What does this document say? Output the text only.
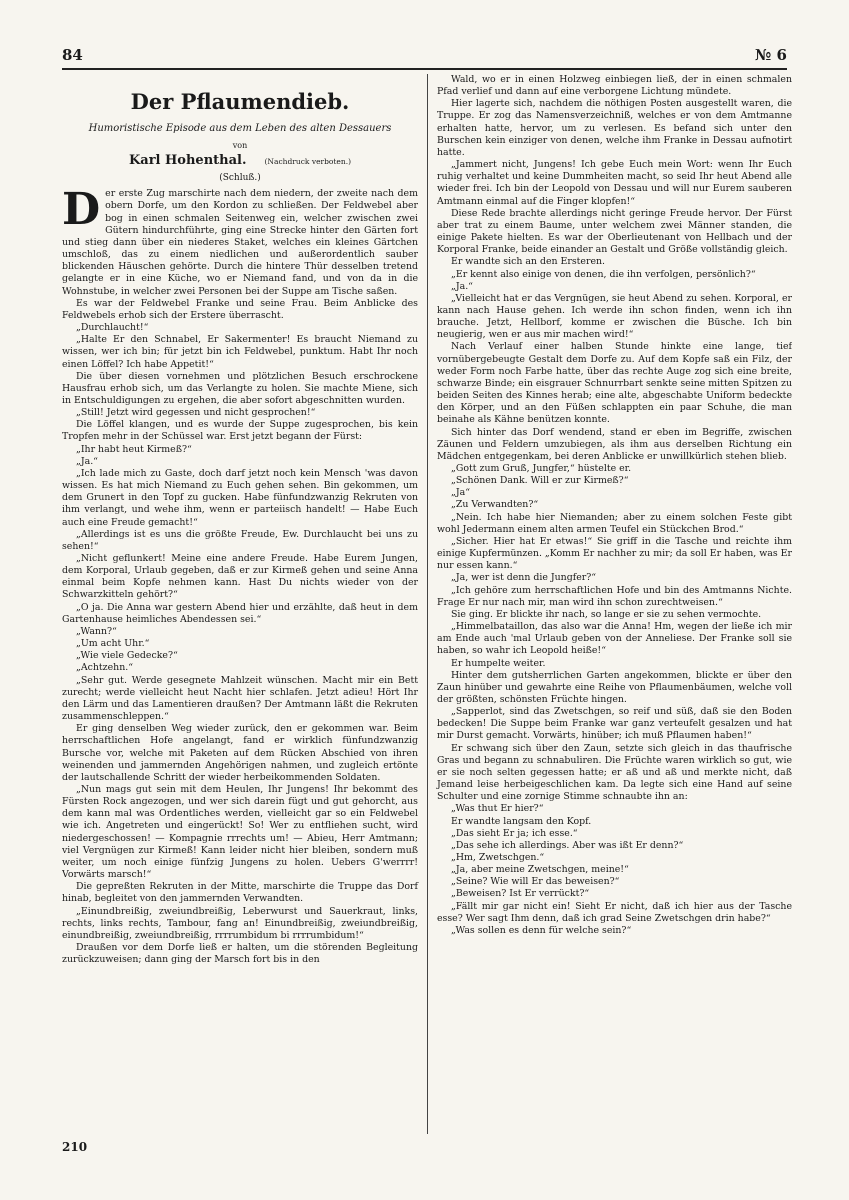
84	№ 6
Der Pflaumendieb.
Humoristische Episode aus dem Leben des alten Dessauers
von
Karl Hohenthal. (Nachdruck verboten.)
(Schluß.)
D er erste Zug marschirte nach dem niedern, der zweite nach dem obern Dorfe, um den Kordon zu schließen. Der Feldwebel aber bog in einen schmalen Seitenweg ein, welcher zwischen zwei Gütern hindurchführte, ging eine Strecke hinter den Gärten fort und stieg dann über ein niederes Staket, welches ein kleines Gärtchen umschloß, das zu einem niedlichen und außerordentlich sauber blickenden Häuschen gehörte. Durch die hintere Thür desselben tretend gelangte er in eine Küche, wo er Niemand fand, und von da in die Wohnstube, in welcher zwei Personen bei der Suppe am Tische saßen.

Es war der Feldwebel Franke und seine Frau. Beim Anblicke des Feldwebels erhob sich der Erstere überrascht.

„Durchlaucht!“

„Halte Er den Schnabel, Er Sakermenter! Es braucht Niemand zu wissen, wer ich bin; für jetzt bin ich Feldwebel, punktum. Habt Ihr noch einen Löffel? Ich habe Appetit!“

Die über diesen vornehmen und plötzlichen Besuch erschrockene Hausfrau erhob sich, um das Verlangte zu holen. Sie machte Miene, sich in Entschuldigungen zu ergehen, die aber sofort abgeschnitten wurden.

„Still! Jetzt wird gegessen und nicht gesprochen!“

Die Löffel klangen, und es wurde der Suppe zugesprochen, bis kein Tropfen mehr in der Schüssel war. Erst jetzt begann der Fürst:

„Ihr habt heut Kirmeß?“

„Ja.“

„Ich lade mich zu Gaste, doch darf jetzt noch kein Mensch 'was davon wissen. Es hat mich Niemand zu Euch gehen sehen. Bin gekommen, um dem Grunert in den Topf zu gucken. Habe fünfundzwanzig Rekruten von ihm verlangt, und wehe ihm, wenn er parteiisch handelt! — Habe Euch auch eine Freude gemacht!“

„Allerdings ist es uns die größte Freude, Ew. Durchlaucht bei uns zu sehen!“

„Nicht geflunkert! Meine eine andere Freude. Habe Eurem Jungen, dem Korporal, Urlaub gegeben, daß er zur Kirmeß gehen und seine Anna einmal beim Kopfe nehmen kann. Hast Du nichts wieder von der Schwarzkitteln gehört?“

„O ja. Die Anna war gestern Abend hier und erzählte, daß heut in dem Gartenhause heimliches Abendessen sei.“

„Wann?“

„Um acht Uhr.“

„Wie viele Gedecke?“

„Achtzehn.“

„Sehr gut. Werde gesegnete Mahlzeit wünschen. Macht mir ein Bett zurecht; werde vielleicht heut Nacht hier schlafen. Jetzt adieu! Hört Ihr den Lärm und das Lamentieren draußen? Der Amtmann läßt die Rekruten zusammenschleppen.“

Er ging denselben Weg wieder zurück, den er gekommen war. Beim herrschaftlichen Hofe angelangt, fand er wirklich fünfundzwanzig Bursche vor, welche mit Paketen auf dem Rücken Abschied von ihren weinenden und jammernden Angehörigen nahmen, und zugleich ertönte der lautschallende Schritt der wieder herbeikommenden Soldaten.

„Nun mags gut sein mit dem Heulen, Ihr Jungens! Ihr bekommt des Fürsten Rock angezogen, und wer sich darein fügt und gut gehorcht, aus dem kann mal was Ordentliches werden, vielleicht gar so ein Feldwebel wie ich. Angetreten und eingerückt! So! Wer zu entfliehen sucht, wird niedergeschossen! — Kompagnie rrrechts um! — Abieu, Herr Amtmann; viel Vergnügen zur Kirmeß! Kann leider nicht hier bleiben, sondern muß weiter, um noch einige fünfzig Jungens zu holen. Uebers G'werrrr! Vorwärts marsch!“

Die gepreßten Rekruten in der Mitte, marschirte die Truppe das Dorf hinab, begleitet von den jammernden Verwandten.

„Einundbreißig, zweiundbreißig, Leberwurst und Sauerkraut, links, rechts, links rechts, Tambour, fang an! Einundbreißig, zweiundbreißig, einundbreißig, zweiundbreißig, rrrrumbidum bi rrrrumbidum!“

Draußen vor dem Dorfe ließ er halten, um die störenden Begleitung zurückzuweisen; dann ging der Marsch fort bis in den

Wald, wo er in einen Holzweg einbiegen ließ, der in einen schmalen Pfad verlief und dann auf eine verborgene Lichtung mündete.

Hier lagerte sich, nachdem die nöthigen Posten ausgestellt waren, die Truppe. Er zog das Namensverzeichniß, welches er von dem Amtmanne erhalten hatte, hervor, um zu verlesen. Es befand sich unter den Burschen kein einziger von denen, welche ihm Franke in Dessau aufnotirt hatte.

„Jammert nicht, Jungens! Ich gebe Euch mein Wort: wenn Ihr Euch ruhig verhaltet und keine Dummheiten macht, so seid Ihr heut Abend alle wieder frei. Ich bin der Leopold von Dessau und will nur Eurem sauberen Amtmann einmal auf die Finger klopfen!“

Diese Rede brachte allerdings nicht geringe Freude hervor. Der Fürst aber trat zu einem Baume, unter welchem zwei Männer standen, die einige Pakete hielten. Es war der Oberlieutenant von Hellbach und der Korporal Franke, beide einander an Gestalt und Größe vollständig gleich.

Er wandte sich an den Ersteren.

„Er kennt also einige von denen, die ihn verfolgen, persönlich?“

„Ja.“

„Vielleicht hat er das Vergnügen, sie heut Abend zu sehen. Korporal, er kann nach Hause gehen. Ich werde ihn schon finden, wenn ich ihn brauche. Jetzt, Hellborf, komme er zwischen die Büsche. Ich bin neugierig, wen er aus mir machen wird!“

Nach Verlauf einer halben Stunde hinkte eine lange, tief vornübergebeugte Gestalt dem Dorfe zu. Auf dem Kopfe saß ein Filz, der weder Form noch Farbe hatte, über das rechte Auge zog sich eine breite, schwarze Binde; ein eisgrauer Schnurrbart senkte seine mitten Spitzen zu beiden Seiten des Kinnes herab; eine alte, abgeschabte Uniform bedeckte den Körper, und an den Füßen schlappten ein paar Schuhe, die man beinahe als Kähne benützen konnte.

Sich hinter das Dorf wendend, stand er eben im Begriffe, zwischen Zäunen und Feldern umzubiegen, als ihm aus derselben Richtung ein Mädchen entgegenkam, bei deren Anblicke er unwillkürlich stehen blieb.

„Gott zum Gruß, Jungfer,“ hüstelte er.

„Schönen Dank. Will er zur Kirmeß?“

„Ja“

„Zu Verwandten?“

„Nein. Ich habe hier Niemanden; aber zu einem solchen Feste gibt wohl Jedermann einem alten armen Teufel ein Stückchen Brod.“

„Sicher. Hier hat Er etwas!“ Sie griff in die Tasche und reichte ihm einige Kupfermünzen. „Komm Er nachher zu mir; da soll Er haben, was Er nur essen kann.“

„Ja, wer ist denn die Jungfer?“

„Ich gehöre zum herrschaftlichen Hofe und bin des Amtmanns Nichte. Frage Er nur nach mir, man wird ihn schon zurechtweisen.“

Sie ging. Er blickte ihr nach, so lange er sie zu sehen vermochte.

„Himmelbataillon, das also war die Anna! Hm, wegen der ließe ich mir am Ende auch 'mal Urlaub geben von der Anneliese. Der Franke soll sie haben, so wahr ich Leopold heiße!“

Er humpelte weiter.

Hinter dem gutsherrlichen Garten angekommen, blickte er über den Zaun hinüber und gewahrte eine Reihe von Pflaumenbäumen, welche voll der größten, schönsten Früchte hingen.

„Sapperlot, sind das Zwetschgen, so reif und süß, daß sie den Boden bedecken! Die Suppe beim Franke war ganz verteufelt gesalzen und hat mir Durst gemacht. Vorwärts, hinüber; ich muß Pflaumen haben!“

Er schwang sich über den Zaun, setzte sich gleich in das thaufrische Gras und begann zu schnabuliren. Die Früchte waren wirklich so gut, wie er sie noch selten gegessen hatte; er aß und aß und merkte nicht, daß Jemand leise herbeigeschlichen kam. Da legte sich eine Hand auf seine Schulter und eine zornige Stimme schnaubte ihn an:

„Was thut Er hier?“

Er wandte langsam den Kopf.

„Das sieht Er ja; ich esse.“

„Das sehe ich allerdings. Aber was ißt Er denn?“

„Hm, Zwetschgen.“

„Ja, aber meine Zwetschgen, meine!“

„Seine? Wie will Er das beweisen?“

„Beweisen? Ist Er verrückt?“

„Fällt mir gar nicht ein! Sieht Er nicht, daß ich hier aus der Tasche esse? Wer sagt Ihm denn, daß ich grad Seine Zwetschgen drin habe?“

„Was sollen es denn für welche sein?“

210
